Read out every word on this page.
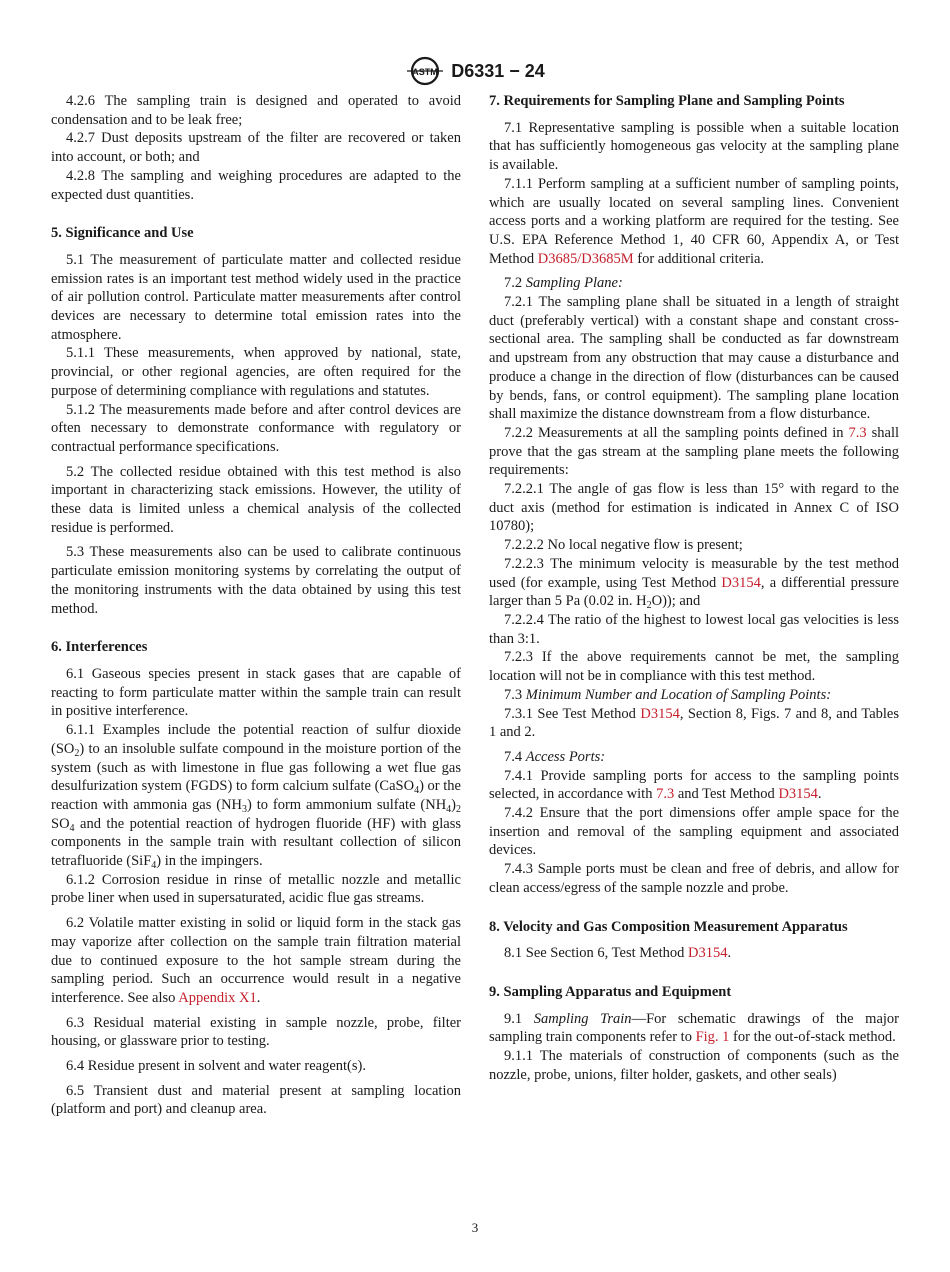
ASTM D6331 − 24

4.2.6 The sampling train is designed and operated to avoid condensation and to be leak free;

4.2.7 Dust deposits upstream of the filter are recovered or taken into account, or both; and

4.2.8 The sampling and weighing procedures are adapted to the expected dust quantities.

5. Significance and Use

5.1 The measurement of particulate matter and collected residue emission rates is an important test method widely used in the practice of air pollution control. Particulate matter measurements after control devices are necessary to determine total emission rates into the atmosphere.

5.1.1 These measurements, when approved by national, state, provincial, or other regional agencies, are often required for the purpose of determining compliance with regulations and statutes.

5.1.2 The measurements made before and after control devices are often necessary to demonstrate conformance with regulatory or contractual performance specifications.

5.2 The collected residue obtained with this test method is also important in characterizing stack emissions. However, the utility of these data is limited unless a chemical analysis of the collected residue is performed.

5.3 These measurements also can be used to calibrate continuous particulate emission monitoring systems by correlating the output of the monitoring instruments with the data obtained by using this test method.

6. Interferences

6.1 Gaseous species present in stack gases that are capable of reacting to form particulate matter within the sample train can result in positive interference.

6.1.1 Examples include the potential reaction of sulfur dioxide $(SO_2)$ to an insoluble sulfate compound in the moisture portion of the system (such as with limestone in flue gas following a wet flue gas desulfurization system (FGDS) to form calcium sulfate (CaSO$_4$) or the reaction with ammonia gas $(NH_3)$ to form ammonium sulfate $(NH_4)_2$ $SO_4$ and the potential reaction of hydrogen fluoride (HF) with glass components in the sample train with resultant collection of silicon tetrafluoride (SiF$_4$) in the impingers.

6.1.2 Corrosion residue in rinse of metallic nozzle and metallic probe liner when used in supersaturated, acidic flue gas streams.

6.2 Volatile matter existing in solid or liquid form in the stack gas may vaporize after collection on the sample train filtration material due to continued exposure to the hot sample stream during the sampling period. Such an occurrence would result in a negative interference. See also Appendix X1.

6.3 Residual material existing in sample nozzle, probe, filter housing, or glassware prior to testing.

6.4 Residue present in solvent and water reagent(s).

6.5 Transient dust and material present at sampling location (platform and port) and cleanup area.

7. Requirements for Sampling Plane and Sampling Points

7.1 Representative sampling is possible when a suitable location that has sufficiently homogeneous gas velocity at the sampling plane is available.

7.1.1 Perform sampling at a sufficient number of sampling points, which are usually located on several sampling lines. Convenient access ports and a working platform are required for the testing. See U.S. EPA Reference Method 1, 40 CFR 60, Appendix A, or Test Method D3685/D3685M for additional criteria.

7.2 Sampling Plane:

7.2.1 The sampling plane shall be situated in a length of straight duct (preferably vertical) with a constant shape and constant cross-sectional area. The sampling shall be conducted as far downstream and upstream from any obstruction that may cause a disturbance and produce a change in the direction of flow (disturbances can be caused by bends, fans, or control equipment). The sampling plane location shall maximize the distance downstream from a flow disturbance.

7.2.2 Measurements at all the sampling points defined in 7.3 shall prove that the gas stream at the sampling plane meets the following requirements:

7.2.2.1 The angle of gas flow is less than 15° with regard to the duct axis (method for estimation is indicated in Annex C of ISO 10780);

7.2.2.2 No local negative flow is present;

7.2.2.3 The minimum velocity is measurable by the test method used (for example, using Test Method D3154, a differential pressure larger than 5 Pa (0.02 in. $H_2O$)); and

7.2.2.4 The ratio of the highest to lowest local gas velocities is less than 3:1.

7.2.3 If the above requirements cannot be met, the sampling location will not be in compliance with this test method.

7.3 Minimum Number and Location of Sampling Points:

7.3.1 See Test Method D3154, Section 8, Figs. 7 and 8, and Tables 1 and 2.

7.4 Access Ports:

7.4.1 Provide sampling ports for access to the sampling points selected, in accordance with 7.3 and Test Method D3154.

7.4.2 Ensure that the port dimensions offer ample space for the insertion and removal of the sampling equipment and associated devices.

7.4.3 Sample ports must be clean and free of debris, and allow for clean access/egress of the sample nozzle and probe.

8. Velocity and Gas Composition Measurement Apparatus

8.1 See Section 6, Test Method D3154.

9. Sampling Apparatus and Equipment

9.1 Sampling Train—For schematic drawings of the major sampling train components refer to Fig. 1 for the out-of-stack method.

9.1.1 The materials of construction of components (such as the nozzle, probe, unions, filter holder, gaskets, and other seals)

3
